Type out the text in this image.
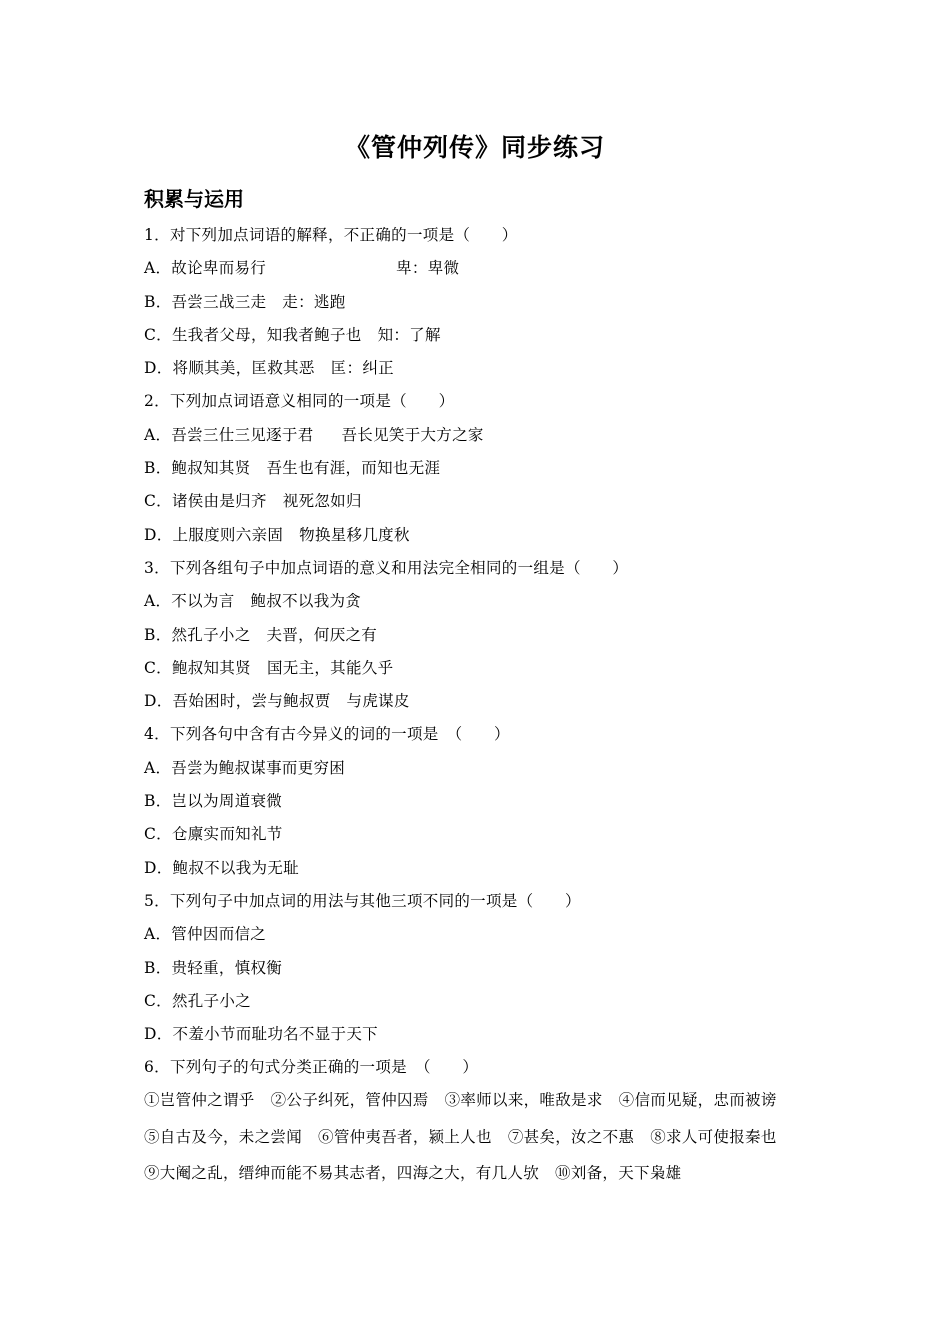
《管仲列传》同步练习
积累与运用
1．对下列加点词语的解释，不正确的一项是（　　）
A．故论卑而易行	卑：卑微
B．吾尝三战三走 走：逃跑
C．生我者父母，知我者鲍子也 知：了解
D．将顺其美，匡救其恶 匡：纠正
2．下列加点词语意义相同的一项是（　　）
A．吾尝三仕三见逐于君 吾长见笑于大方之家
B．鲍叔知其贤 吾生也有涯，而知也无涯
C．诸侯由是归齐 视死忽如归
D．上服度则六亲固 物换星移几度秋
3．下列各组句子中加点词语的意义和用法完全相同的一组是（　　）
A．不以为言 鲍叔不以我为贪
B．然孔子小之 夫晋，何厌之有
C．鲍叔知其贤 国无主，其能久乎
D．吾始困时，尝与鲍叔贾 与虎谋皮
4．下列各句中含有古今异义的词的一项是　（　　）
A．吾尝为鲍叔谋事而更穷困
B．岂以为周道衰微
C．仓廪实而知礼节
D．鲍叔不以我为无耻
5．下列句子中加点词的用法与其他三项不同的一项是（　　）
A．管仲因而信之
B．贵轻重，慎权衡
C．然孔子小之
D．不羞小节而耻功名不显于天下
6．下列句子的句式分类正确的一项是　（　　）
①岂管仲之谓乎 ②公子纠死，管仲囚焉 ③率师以来，唯敌是求 ④信而见疑，忠而被谤
⑤自古及今，未之尝闻 ⑥管仲夷吾者，颍上人也 ⑦甚矣，汝之不惠 ⑧求人可使报秦也
⑨大阉之乱，缙绅而能不易其志者，四海之大，有几人欤 ⑩刘备，天下枭雄
